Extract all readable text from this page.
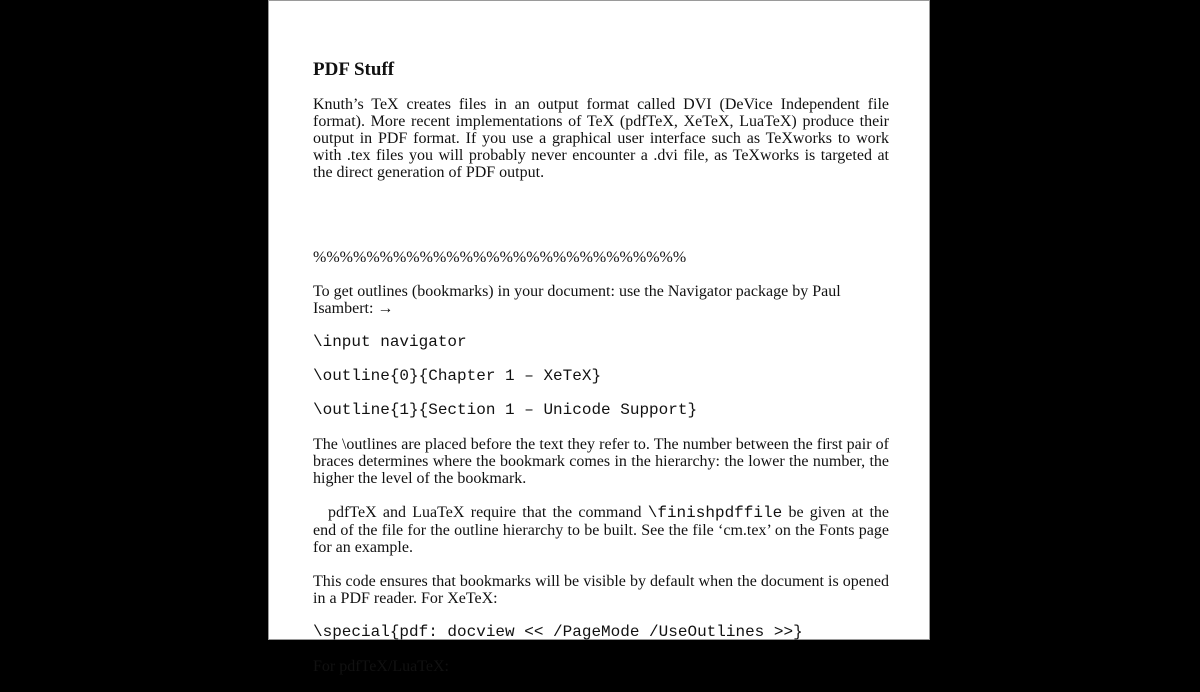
PDF Stuff

Knuth’s TeX creates files in an output format called DVI (DeVice Independent file format). More recent implementations of TeX (pdfTeX, XeTeX, LuaTeX) produce their output in PDF format. If you use a graphical user interface such as TeXworks to work with .tex files you will probably never encounter a .dvi file, as TeXworks is targeted at the direct generation of PDF output.

%%%%%%%%%%%%%%%%%%%%%%%%%%%%

To get outlines (bookmarks) in your document: use the Navigator package by Paul Isambert: →

\input navigator
\outline{0}{Chapter 1 – XeTeX}
\outline{1}{Section 1 – Unicode Support}

The \outlines are placed before the text they refer to. The number between the first pair of braces determines where the bookmark comes in the hierarchy: the lower the number, the higher the level of the bookmark.

pdfTeX and LuaTeX require that the command \finishpdffile be given at the end of the file for the outline hierarchy to be built. See the file ‘cm.tex’ on the Fonts page for an example.

This code ensures that bookmarks will be visible by default when the document is opened in a PDF reader. For XeTeX:

\special{pdf: docview << /PageMode /UseOutlines >>}

For pdfTeX/LuaTeX:
